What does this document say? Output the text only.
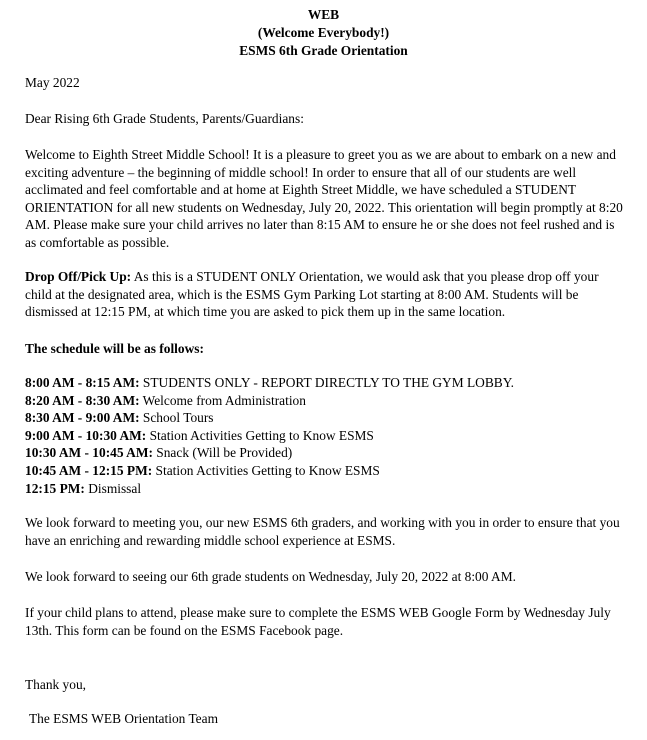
WEB
(Welcome Everybody!)
ESMS 6th Grade Orientation

May 2022

Dear Rising 6th Grade Students, Parents/Guardians:

Welcome to Eighth Street Middle School! It is a pleasure to greet you as we are about to embark on a new and exciting adventure – the beginning of middle school! In order to ensure that all of our students are well acclimated and feel comfortable and at home at Eighth Street Middle, we have scheduled a STUDENT ORIENTATION for all new students on Wednesday, July 20, 2022. This orientation will begin promptly at 8:20 AM. Please make sure your child arrives no later than 8:15 AM to ensure he or she does not feel rushed and is as comfortable as possible.

Drop Off/Pick Up: As this is a STUDENT ONLY Orientation, we would ask that you please drop off your child at the designated area, which is the ESMS Gym Parking Lot starting at 8:00 AM. Students will be dismissed at 12:15 PM, at which time you are asked to pick them up in the same location.

The schedule will be as follows:

8:00 AM - 8:15 AM: STUDENTS ONLY - REPORT DIRECTLY TO THE GYM LOBBY.
8:20 AM - 8:30 AM: Welcome from Administration
8:30 AM - 9:00 AM: School Tours
9:00 AM - 10:30 AM: Station Activities Getting to Know ESMS
10:30 AM - 10:45 AM: Snack (Will be Provided)
10:45 AM - 12:15 PM: Station Activities Getting to Know ESMS
12:15 PM: Dismissal

We look forward to meeting you, our new ESMS 6th graders, and working with you in order to ensure that you have an enriching and rewarding middle school experience at ESMS.

We look forward to seeing our 6th grade students on Wednesday, July 20, 2022 at 8:00 AM.

If your child plans to attend, please make sure to complete the ESMS WEB Google Form by Wednesday July 13th. This form can be found on the ESMS Facebook page.

Thank you,

The ESMS WEB Orientation Team
